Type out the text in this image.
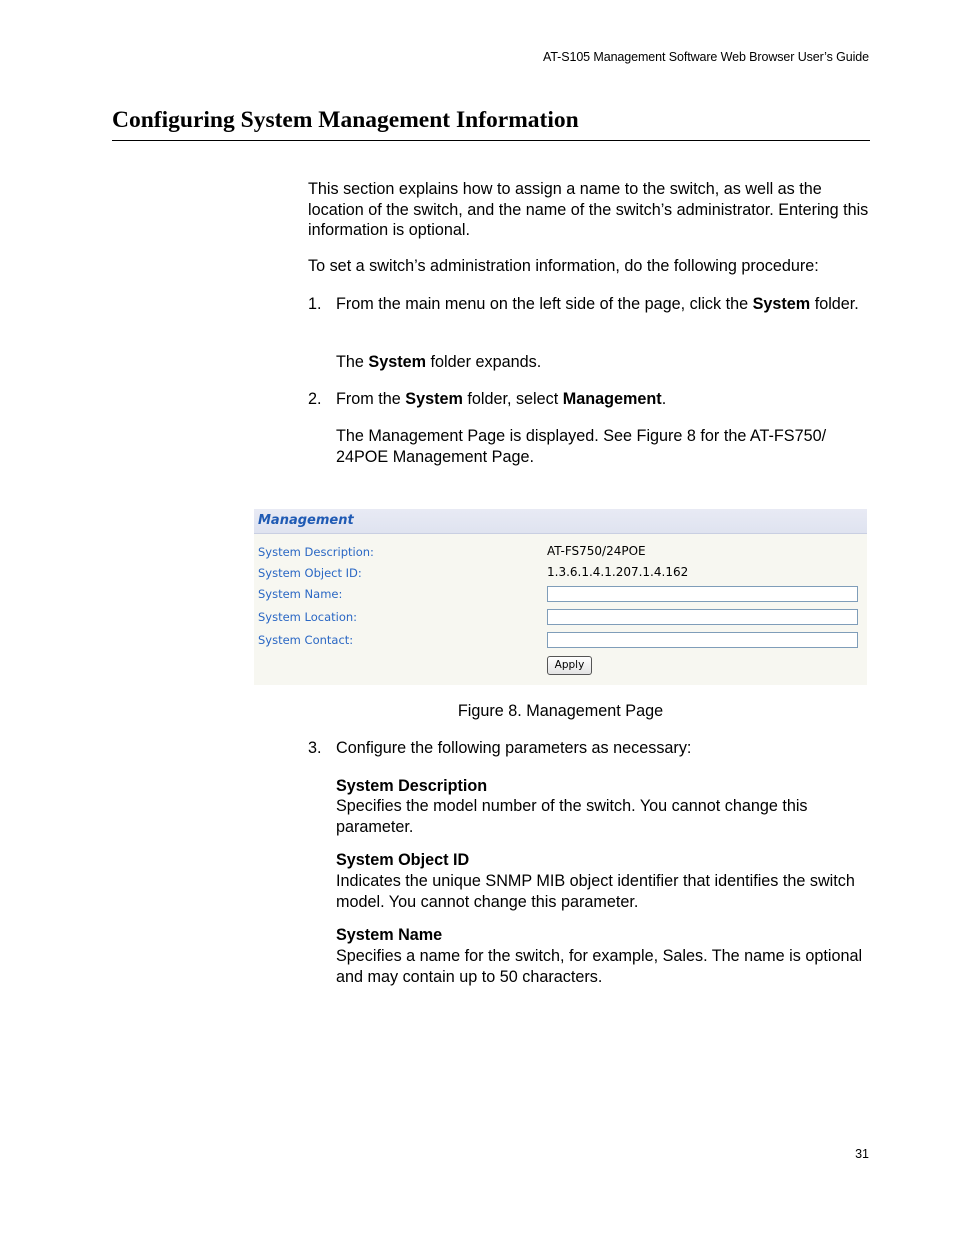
AT-S105 Management Software Web Browser User’s Guide
Configuring System Management Information

This section explains how to assign a name to the switch, as well as the location of the switch, and the name of the switch’s administrator. Entering this information is optional.

To set a switch’s administration information, do the following procedure:

1. From the main menu on the left side of the page, click the System folder.

The System folder expands.

2. From the System folder, select Management.

The Management Page is displayed. See Figure 8 for the AT-FS750/ 24POE Management Page.

Management
System Description:	AT-FS750/24POE
System Object ID:	1.3.6.1.4.1.207.1.4.162
System Name:
System Location:
System Contact:
Apply
Figure 8. Management Page
3. Configure the following parameters as necessary:

System Description

Specifies the model number of the switch. You cannot change this parameter.

System Object ID

Indicates the unique SNMP MIB object identifier that identifies the switch model. You cannot change this parameter.

System Name

Specifies a name for the switch, for example, Sales. The name is optional and may contain up to 50 characters.

31
